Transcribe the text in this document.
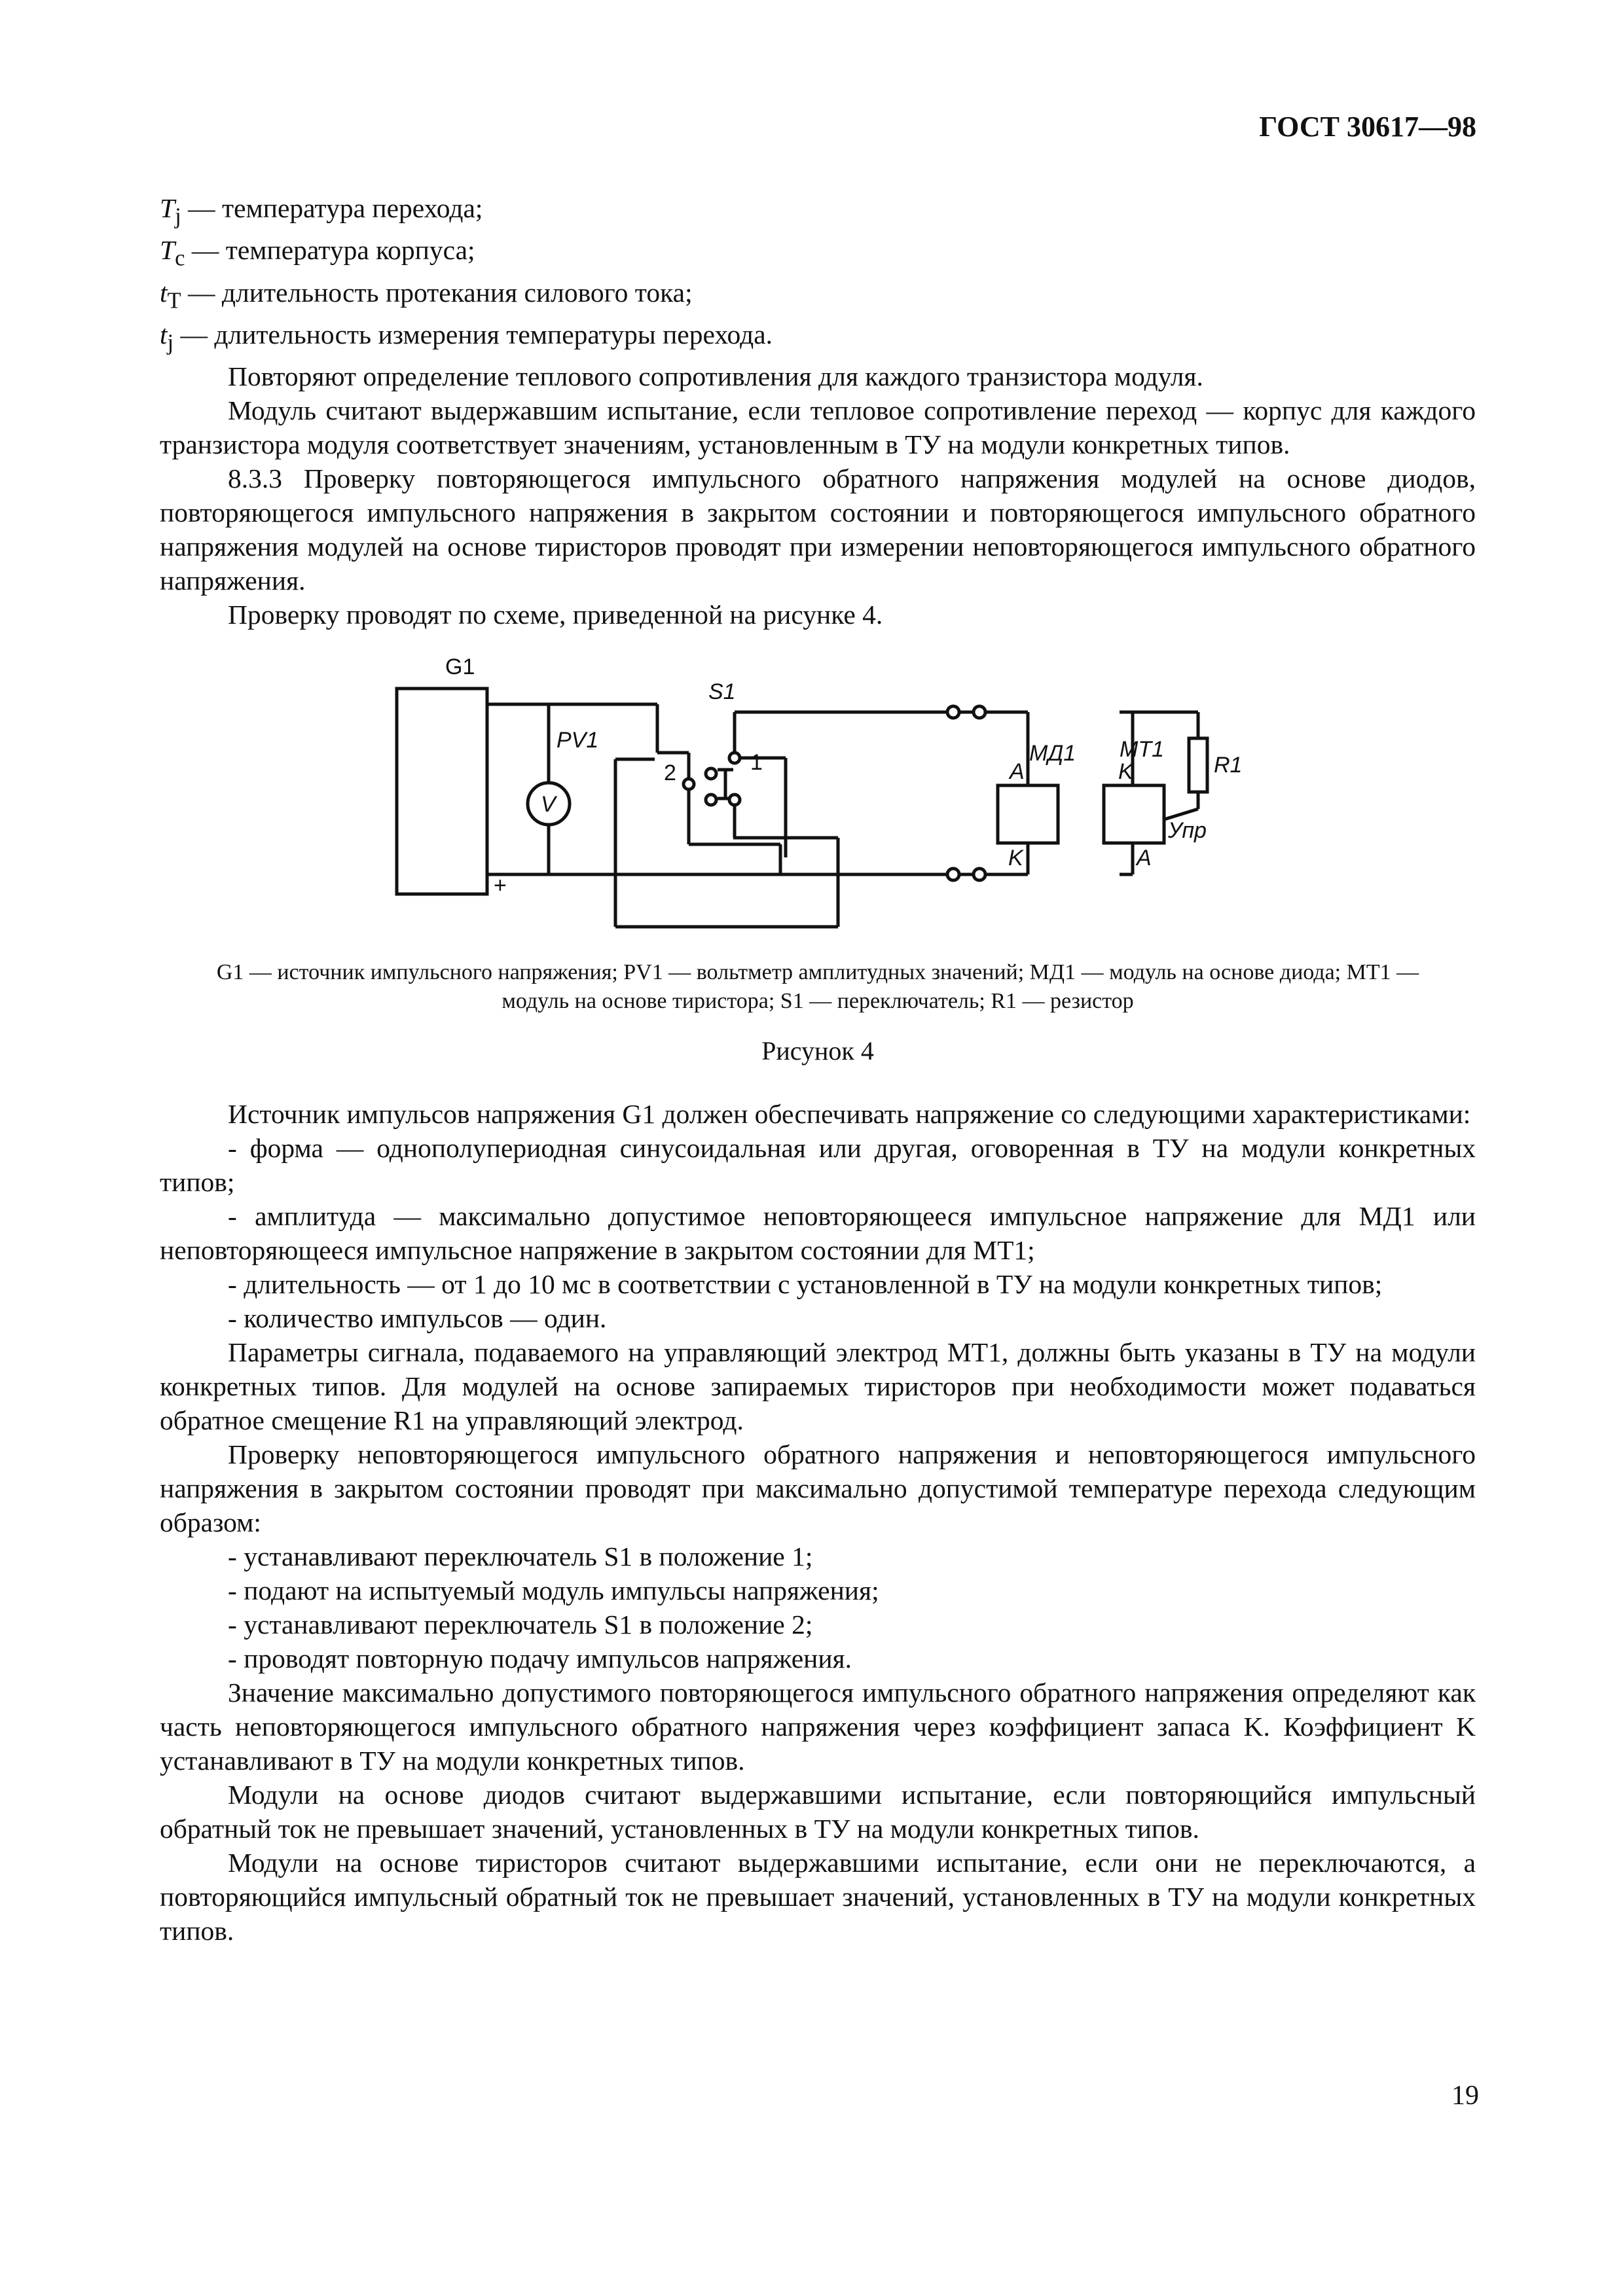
ГОСТ 30617—98

$T_j$ — температура перехода;

$T_c$ — температура корпуса;

$t_T$ — длительность протекания силового тока;

$t_j$ — длительность измерения температуры перехода.

Повторяют определение теплового сопротивления для каждого транзистора модуля.

Модуль считают выдержавшим испытание, если тепловое сопротивление переход — корпус для каждого транзистора модуля соответствует значениям, установленным в ТУ на модули конкретных типов.

8.3.3 Проверку повторяющегося импульсного обратного напряжения модулей на основе диодов, повторяющегося импульсного напряжения в закрытом состоянии и повторяющегося импульсного обратного напряжения модулей на основе тиристоров проводят при измерении неповторяющегося импульсного обратного напряжения.

Проверку проводят по схеме, приведенной на рисунке 4.

G1
−
+
PV1
V
S1
1
2
МД1
A
K
МТ1
K
A
R1
Упр
G1 — источник импульсного напряжения; PV1 — вольтметр амплитудных значений; МД1 — модуль на основе диода; МТ1 —
модуль на основе тиристора; S1 — переключатель; R1 — резистор
Рисунок 4

Источник импульсов напряжения G1 должен обеспечивать напряжение со следующими характеристиками:

- форма — однополупериодная синусоидальная или другая, оговоренная в ТУ на модули конкретных типов;

- амплитуда — максимально допустимое неповторяющееся импульсное напряжение для МД1 или неповторяющееся импульсное напряжение в закрытом состоянии для МТ1;

- длительность — от 1 до 10 мс в соответствии с установленной в ТУ на модули конкретных типов;

- количество импульсов — один.

Параметры сигнала, подаваемого на управляющий электрод МТ1, должны быть указаны в ТУ на модули конкретных типов. Для модулей на основе запираемых тиристоров при необходимости может подаваться обратное смещение R1 на управляющий электрод.

Проверку неповторяющегося импульсного обратного напряжения и неповторяющегося импульсного напряжения в закрытом состоянии проводят при максимально допустимой температуре перехода следующим образом:

- устанавливают переключатель S1 в положение 1;

- подают на испытуемый модуль импульсы напряжения;

- устанавливают переключатель S1 в положение 2;

- проводят повторную подачу импульсов напряжения.

Значение максимально допустимого повторяющегося импульсного обратного напряжения определяют как часть неповторяющегося импульсного обратного напряжения через коэффициент запаса K. Коэффициент K устанавливают в ТУ на модули конкретных типов.

Модули на основе диодов считают выдержавшими испытание, если повторяющийся импульсный обратный ток не превышает значений, установленных в ТУ на модули конкретных типов.

Модули на основе тиристоров считают выдержавшими испытание, если они не переключаются, а повторяющийся импульсный обратный ток не превышает значений, установленных в ТУ на модули конкретных типов.

19
